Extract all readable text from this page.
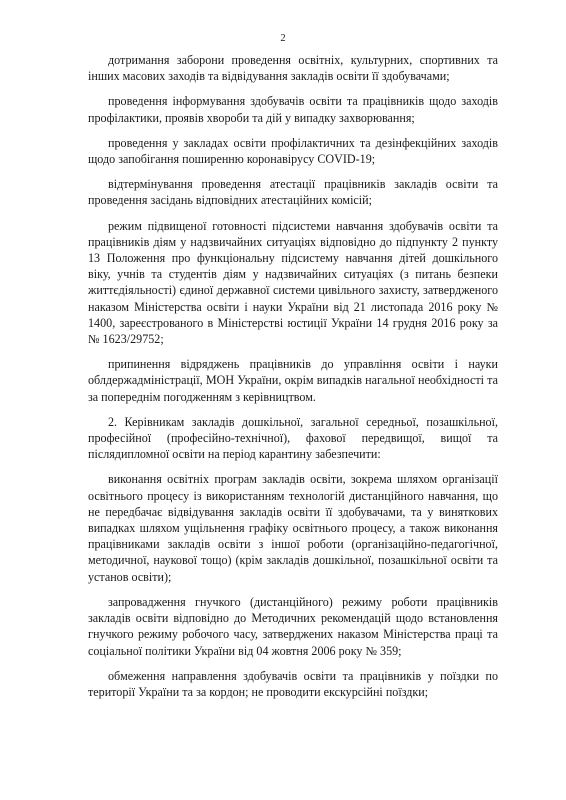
2

дотримання заборони проведення освітніх, культурних, спортивних та інших масових заходів та відвідування закладів освіти її здобувачами;

проведення інформування здобувачів освіти та працівників щодо заходів профілактики, проявів хвороби та дій у випадку захворювання;

проведення у закладах освіти профілактичних та дезінфекційних заходів щодо запобігання поширенню коронавірусу COVID-19;

відтермінування проведення атестації працівників закладів освіти та проведення засідань відповідних атестаційних комісій;

режим підвищеної готовності підсистеми навчання здобувачів освіти та працівників діям у надзвичайних ситуаціях відповідно до підпункту 2 пункту 13 Положення про функціональну підсистему навчання дітей дошкільного віку, учнів та студентів діям у надзвичайних ситуаціях (з питань безпеки життєдіяльності) єдиної державної системи цивільного захисту, затвердженого наказом Міністерства освіти і науки України від 21 листопада 2016 року № 1400, зареєстрованого в Міністерстві юстиції України 14 грудня 2016 року за № 1623/29752;

припинення відряджень працівників до управління освіти і науки облдержадміністрації, МОН України, окрім випадків нагальної необхідності та за попереднім погодженням з керівництвом.

2. Керівникам закладів дошкільної, загальної середньої, позашкільної, професійної (професійно-технічної), фахової передвищої, вищої та післядипломної освіти на період карантину забезпечити:

виконання освітніх програм закладів освіти, зокрема шляхом організації освітнього процесу із використанням технологій дистанційного навчання, що не передбачає відвідування закладів освіти її здобувачами, та у виняткових випадках шляхом ущільнення графіку освітнього процесу, а також виконання працівниками закладів освіти з іншої роботи (організаційно-педагогічної, методичної, наукової тощо) (крім закладів дошкільної, позашкільної освіти та установ освіти);

запровадження гнучкого (дистанційного) режиму роботи працівників закладів освіти відповідно до Методичних рекомендацій щодо встановлення гнучкого режиму робочого часу, затверджених наказом Міністерства праці та соціальної політики України від 04 жовтня 2006 року № 359;

обмеження направлення здобувачів освіти та працівників у поїздки по території України та за кордон; не проводити екскурсійні поїздки;
